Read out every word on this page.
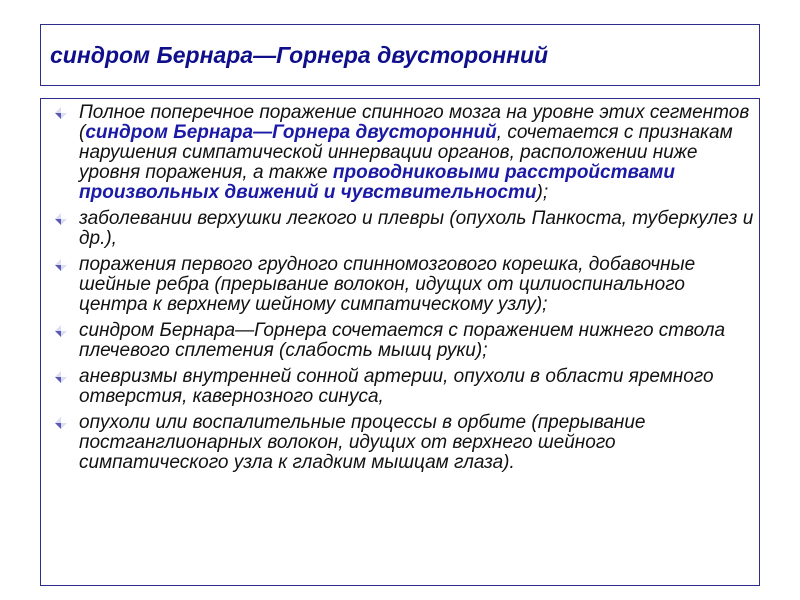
синдром Бернара—Горнера двусторонний
Полное поперечное поражение спинного мозга на уровне этих сегментов (синдром Бернара—Горнера двусторонний, сочетается с признакам нарушения симпатической иннервации органов, расположении ниже уровня поражения, а также проводниковыми расстройствами произвольных движений и чувствительности);
заболевании верхушки легкого и плевры (опухоль Панкоста, туберкулез и др.),
поражения первого грудного спинномозгового корешка, добавочные шейные ребра (прерывание волокон, идущих от цилиоспинального центра к верхнему шейному симпатическому узлу);
синдром Бернара—Горнера сочетается с поражением нижнего ствола плечевого сплетения (слабость мышц руки);
аневризмы внутренней сонной артерии, опухоли в области яремного отверстия, кавернозного синуса,
опухоли или воспалительные процессы в орбите (прерывание постганглионарных волокон, идущих от верхнего шейного симпатического узла к гладким мышцам глаза).
